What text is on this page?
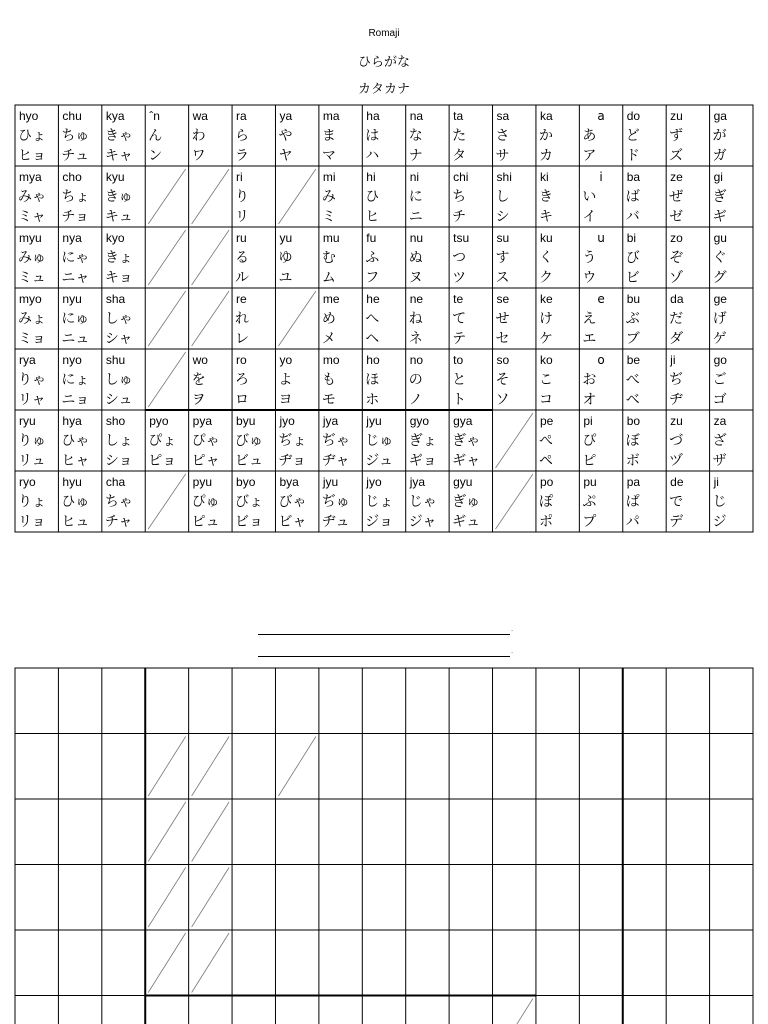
Romaji
ひらがな
カタカナ
hyo
ひょ
ヒョ
chu
ちゅ
チュ
kya
きゃ
キャ
ˆn
ん
ン
wa
わ
ワ
ra
ら
ラ
ya
や
ヤ
ma
ま
マ
ha
は
ハ
na
な
ナ
ta
た
タ
sa
さ
サ
ka
か
カ
a
あ
ア
do
ど
ド
zu
ず
ズ
ga
が
ガ
mya
みゃ
ミャ
cho
ちょ
チョ
kyu
きゅ
キュ
ri
り
リ
mi
み
ミ
hi
ひ
ヒ
ni
に
ニ
chi
ち
チ
shi
し
シ
ki
き
キ
i
い
イ
ba
ば
バ
ze
ぜ
ゼ
gi
ぎ
ギ
myu
みゅ
ミュ
nya
にゃ
ニャ
kyo
きょ
キョ
ru
る
ル
yu
ゆ
ユ
mu
む
ム
fu
ふ
フ
nu
ぬ
ヌ
tsu
つ
ツ
su
す
ス
ku
く
ク
u
う
ウ
bi
び
ビ
zo
ぞ
ゾ
gu
ぐ
グ
myo
みょ
ミョ
nyu
にゅ
ニュ
sha
しゃ
シャ
re
れ
レ
me
め
メ
he
へ
ヘ
ne
ね
ネ
te
て
テ
se
せ
セ
ke
け
ケ
e
え
エ
bu
ぶ
ブ
da
だ
ダ
ge
げ
ゲ
rya
りゃ
リャ
nyo
にょ
ニョ
shu
しゅ
シュ
wo
を
ヲ
ro
ろ
ロ
yo
よ
ヨ
mo
も
モ
ho
ほ
ホ
no
の
ノ
to
と
ト
so
そ
ソ
ko
こ
コ
o
お
オ
be
べ
ベ
ji
ぢ
ヂ
go
ご
ゴ
ryu
りゅ
リュ
hya
ひゃ
ヒャ
sho
しょ
ショ
pyo
ぴょ
ピョ
pya
ぴゃ
ピャ
byu
びゅ
ビュ
jyo
ぢょ
ヂョ
jya
ぢゃ
ヂャ
jyu
じゅ
ジュ
gyo
ぎょ
ギョ
gya
ぎゃ
ギャ
pe
ぺ
ペ
pi
ぴ
ピ
bo
ぼ
ボ
zu
づ
ヅ
za
ざ
ザ
ryo
りょ
リョ
hyu
ひゅ
ヒュ
cha
ちゃ
チャ
pyu
ぴゅ
ピュ
byo
びょ
ビョ
bya
びゃ
ビャ
jyu
ぢゅ
ヂュ
jyo
じょ
ジョ
jya
じゃ
ジャ
gyu
ぎゅ
ギュ
po
ぽ
ポ
pu
ぷ
プ
pa
ぱ
パ
de
で
デ
ji
じ
ジ
.
.
